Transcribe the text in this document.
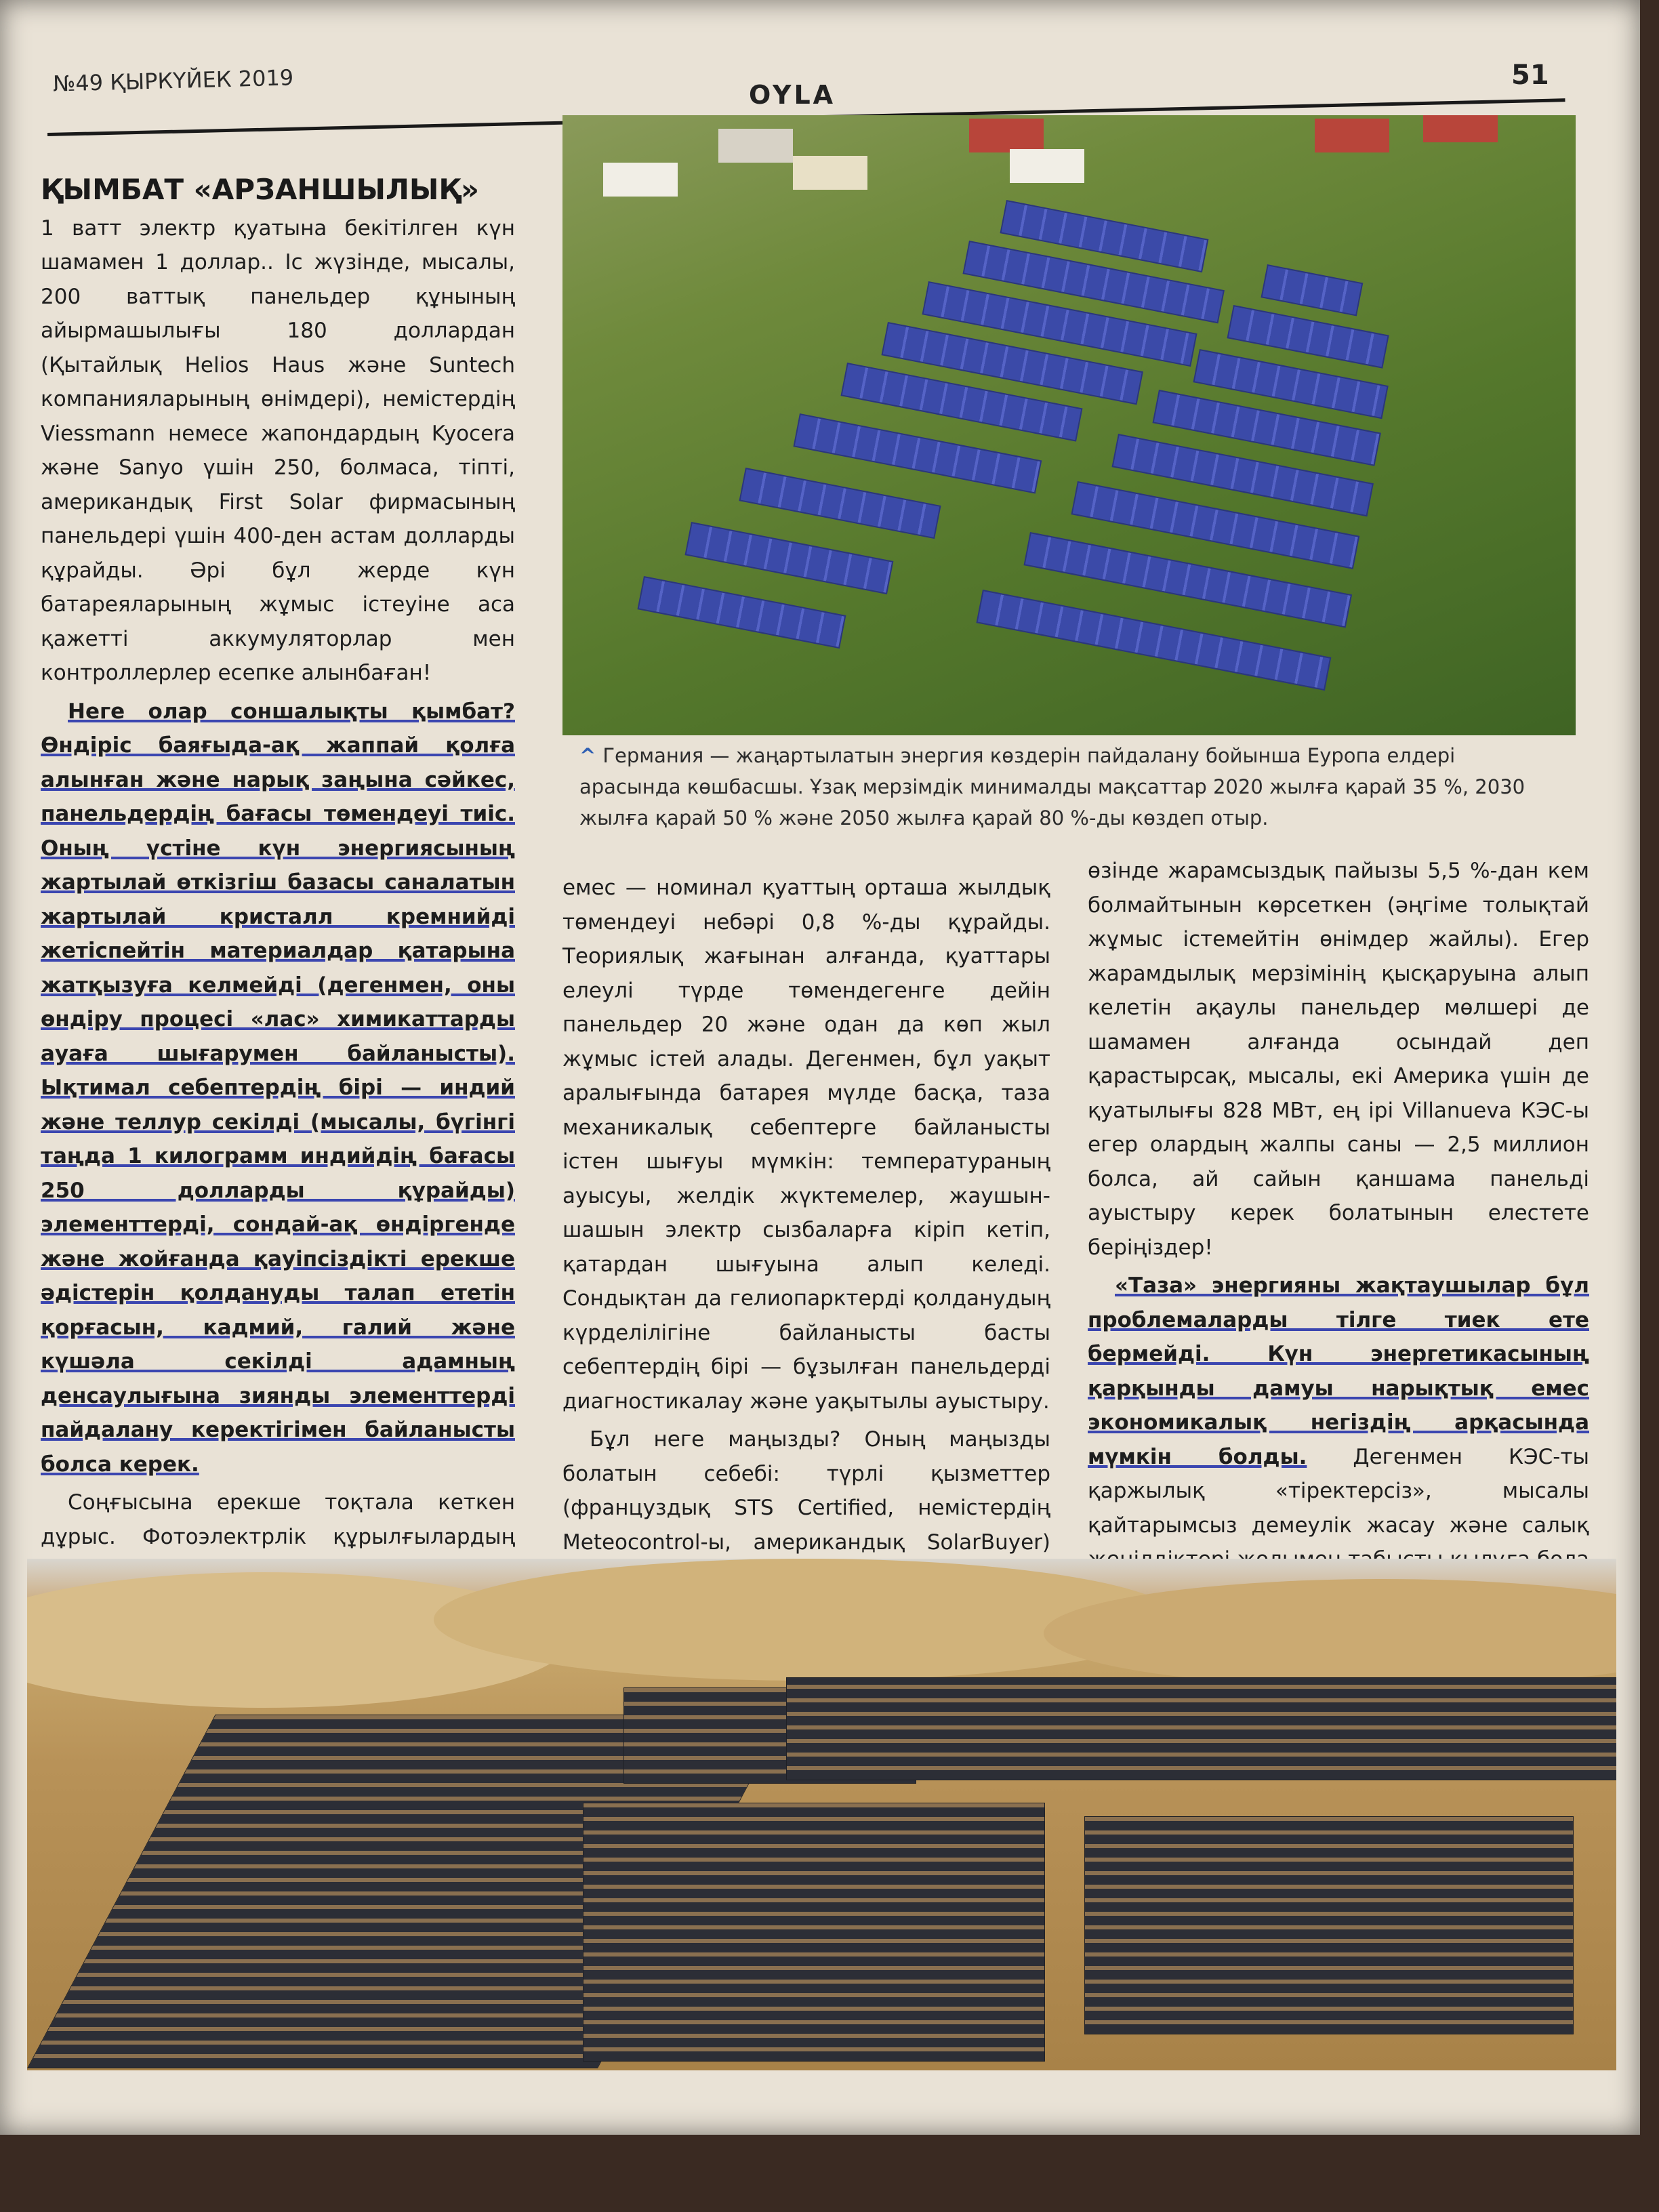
№49 ҚЫРКҮЙЕК 2019	OYLA
51
^ Германия — жаңартылатын энергия көздерін пайдалану бойынша Еуропа елдері арасында көшбасшы. Ұзақ мерзімдік минималды мақсаттар 2020 жылға қарай 35 %, 2030 жылға қарай 50 % және 2050 жылға қарай 80 %-ды көздеп отыр.

ҚЫМБАТ «АРЗАНШЫЛЫҚ»

1 ватт электр қуатына бекітілген күн шамамен 1 доллар.. Іс жүзінде, мысалы, 200 ваттық панельдер құнының айырмашылығы 180 доллардан (Қытайлық Helios Haus және Suntech компанияларының өнімдері), немістердің Viessmann немесе жапондардың Kyocera және Sanyo үшін 250, болмаса, тіпті, американдық First Solar фирмасының панельдері үшін 400-ден астам долларды құрайды. Әрі бұл жерде күн батареяларының жұмыс істеуіне аса қажетті аккумуляторлар мен контроллерлер есепке алынбаған!

Неге олар соншалықты қымбат? Өндіріс баяғыда-ақ жаппай қолға алынған және нарық заңына сәйкес, панельдердің бағасы төмендеуі тиіс. Оның үстіне күн энергиясының жартылай өткізгіш базасы саналатын жартылай кристалл кремнийді жетіспейтін материалдар қатарына жатқызуға келмейді (дегенмен, оны өндіру процесі «лас» химикаттарды ауаға шығарумен байланысты). Ықтимал себептердің бірі — индий және теллур секілді (мысалы, бүгінгі таңда 1 килограмм индийдің бағасы 250 долларды құрайды) элементтерді, сондай-ақ өндіргенде және жойғанда қауіпсіздікті ерекше әдістерін қолдануды талап ететін қорғасын, кадмий, галий және күшәла секілді адамның денсаулығына зиянды элементтерді пайдалану керектігімен байланысты болса керек.

Соңғысына ерекше тоқтала кеткен дұрыс. Фотоэлектрлік құрылғылардың

емес — номинал қуаттың орташа жылдық төмендеуі небәрі 0,8 %-ды құрайды. Теориялық жағынан алғанда, қуаттары елеулі түрде төмендегенге дейін панельдер 20 және одан да көп жыл жұмыс істей алады. Дегенмен, бұл уақыт аралығында батарея мүлде басқа, таза механикалық себептерге байланысты істен шығуы мүмкін: температураның ауысуы, желдік жүктемелер, жаушын-шашын электр сызбаларға кіріп кетіп, қатардан шығуына алып келеді. Сондықтан да гелиопарктерді қолданудың күрделілігіне байланысты басты себептердің бірі — бұзылған панельдерді диагностикалау және уақытылы ауыстыру.

Бұл неге маңызды? Оның маңызды болатын себебі: түрлі қызметтер (француздық STS Certified, немістердің Meteocontrol-ы, американдық SolarBuyer)

өзінде жарамсыздық пайызы 5,5 %-дан кем болмайтынын көрсеткен (әңгіме толықтай жұмыс істемейтін өнімдер жайлы). Егер жарамдылық мерзімінің қысқаруына алып келетін ақаулы панельдер мөлшері де шамамен алғанда осындай деп қарастырсақ, мысалы, екі Америка үшін де қуатылығы 828 МВт, ең ірі Villanueva КЭС-ы егер олардың жалпы саны — 2,5 миллион болса, ай сайын қаншама панельді ауыстыру керек болатынын елестете беріңіздер!

«Таза» энергияны жақтаушылар бұл проблемаларды тілге тиек ете бермейді. Күн энергетикасының қарқынды дамуы нарықтық емес экономикалық негіздің арқасында мүмкін болды. Дегенмен КЭС-ты қаржылық «тіректерсіз», мысалы қайтарымсыз демеулік жасау және салық
